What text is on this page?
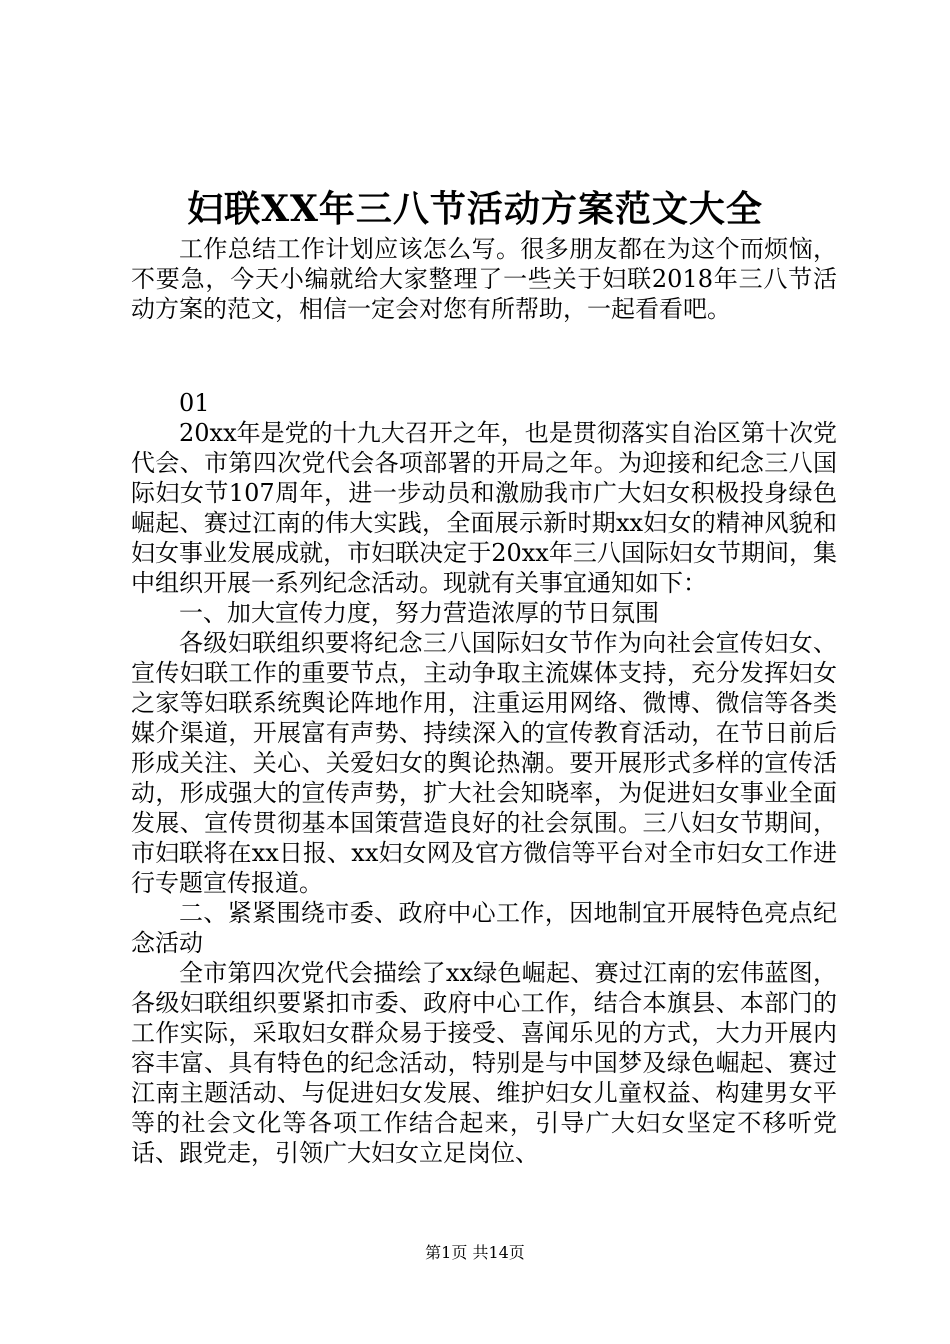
妇联XX年三八节活动方案范文大全

工作总结工作计划应该怎么写。很多朋友都在为这个而烦恼，不要急，今天小编就给大家整理了一些关于妇联2018年三八节活动方案的范文，相信一定会对您有所帮助，一起看看吧。

01

20xx年是党的十九大召开之年，也是贯彻落实自治区第十次党代会、市第四次党代会各项部署的开局之年。为迎接和纪念三八国际妇女节107周年，进一步动员和激励我市广大妇女积极投身绿色崛起、赛过江南的伟大实践，全面展示新时期xx妇女的精神风貌和妇女事业发展成就，市妇联决定于20xx年三八国际妇女节期间，集中组织开展一系列纪念活动。现就有关事宜通知如下：

一、加大宣传力度，努力营造浓厚的节日氛围

各级妇联组织要将纪念三八国际妇女节作为向社会宣传妇女、宣传妇联工作的重要节点，主动争取主流媒体支持，充分发挥妇女之家等妇联系统舆论阵地作用，注重运用网络、微博、微信等各类媒介渠道，开展富有声势、持续深入的宣传教育活动，在节日前后形成关注、关心、关爱妇女的舆论热潮。要开展形式多样的宣传活动，形成强大的宣传声势，扩大社会知晓率，为促进妇女事业全面发展、宣传贯彻基本国策营造良好的社会氛围。三八妇女节期间，市妇联将在xx日报、xx妇女网及官方微信等平台对全市妇女工作进行专题宣传报道。

二、紧紧围绕市委、政府中心工作，因地制宜开展特色亮点纪念活动

全市第四次党代会描绘了xx绿色崛起、赛过江南的宏伟蓝图，各级妇联组织要紧扣市委、政府中心工作，结合本旗县、本部门的工作实际，采取妇女群众易于接受、喜闻乐见的方式，大力开展内容丰富、具有特色的纪念活动，特别是与中国梦及绿色崛起、赛过江南主题活动、与促进妇女发展、维护妇女儿童权益、构建男女平等的社会文化等各项工作结合起来，引导广大妇女坚定不移听党话、跟党走，引领广大妇女立足岗位、

第1页 共14页
